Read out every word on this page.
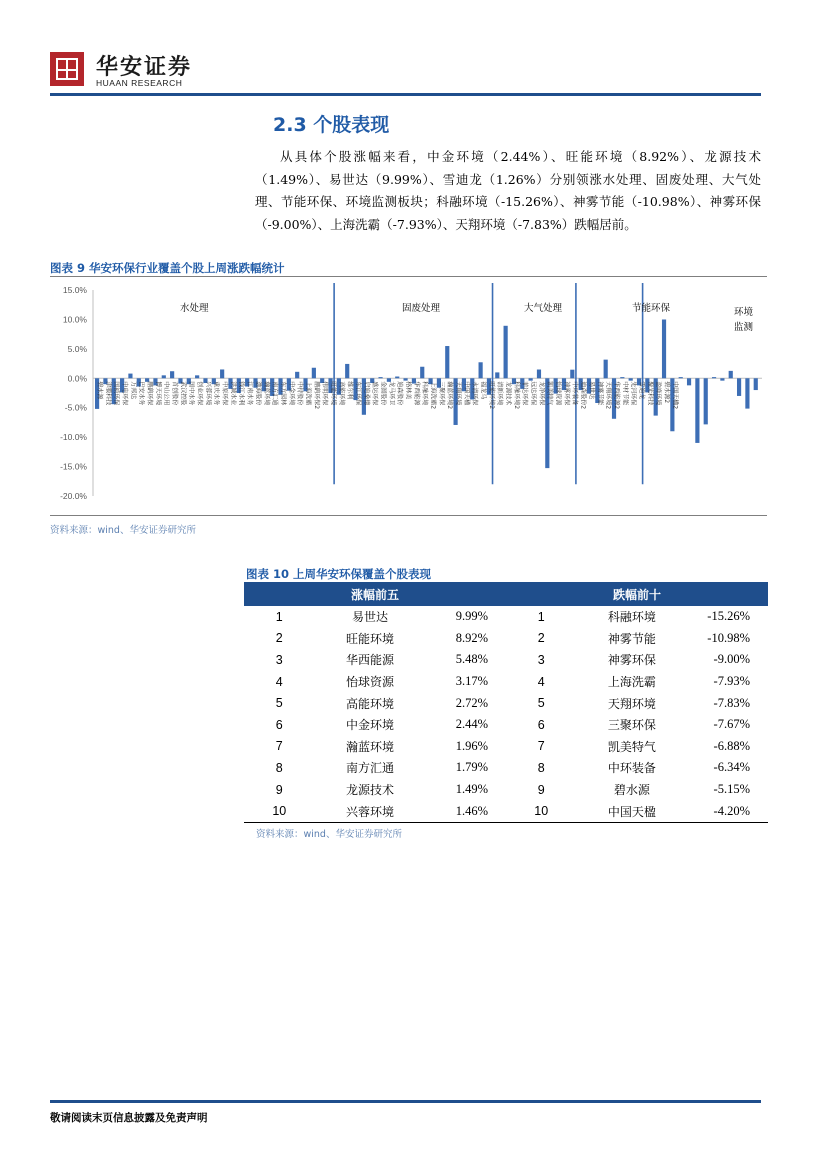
华安证券
HUAAN RESEARCH
2.3 个股表现
从具体个股涨幅来看，中金环境（2.44%）、旺能环境（8.92%）、龙源技术（1.49%）、易世达（9.99%）、雪迪龙（1.26%）分别领涨水处理、固废处理、大气处理、节能环保、环境监测板块；科融环境（-15.26%）、神雾节能（-10.98%）、神雾环保（-9.00%）、上海洗霸（-7.93%）、天翔环境（-7.83%）跌幅居前。
图表 9 华安环保行业覆盖个股上周涨跌幅统计
15.0%
10.0%
5.0%
0.0%
-5.0%
-10.0%
-15.0%
-20.0%
碧水源 津膜科技 国祯环保 中电环保 万邦达 巴安水务 鹏鹞环保 博天环境 中山公用 首创股份 武汉控股 国中水务 创业环保 兴蓉环境 重庆水务 中原环保 洪城水业 钱江水利 江南水务 渤海股份 瀚蓝环境 南方汇通 东方园林 中金环境 中持股份 上海洗霸 鹏鹞环保2 伟明环保 旺能环境 高能环境 维尔利 东江环保 启迪桑德 盛运环保 金圆股份 龙马环卫 迪森股份 格林美 华西能源 科融环境 上海洗霸2 三聚环保 瀚蓝环境2 天翔环境 中国天楹 永清环保 福龙马 旺能环境2 清新环境 龙源技术 科融环境2 菲达环保 远达环保 龙净环保 凯美特气 怡球资源 神雾环保 中环装备 迪森股份2 易世达 神雾节能 天翔环境2 华西能源2 中材节能 先河环保 雪迪龙 聚光科技 盈峰环境 碧水源2 中国天楹2
水处理	固废处理	大气处理	节能环保	环境
监测
资料来源：wind、华安证券研究所
图表 10 上周华安环保覆盖个股表现
涨幅前五			跌幅前十		
1	易世达	9.99%	1	科融环境	-15.26%
2	旺能环境	8.92%	2	神雾节能	-10.98%
3	华西能源	5.48%	3	神雾环保	-9.00%
4	怡球资源	3.17%	4	上海洗霸	-7.93%
5	高能环境	2.72%	5	天翔环境	-7.83%
6	中金环境	2.44%	6	三聚环保	-7.67%
7	瀚蓝环境	1.96%	7	凯美特气	-6.88%
8	南方汇通	1.79%	8	中环装备	-6.34%
9	龙源技术	1.49%	9	碧水源	-5.15%
10	兴蓉环境	1.46%	10	中国天楹	-4.20%
资料来源：wind、华安证券研究所
敬请阅读末页信息披露及免责声明
